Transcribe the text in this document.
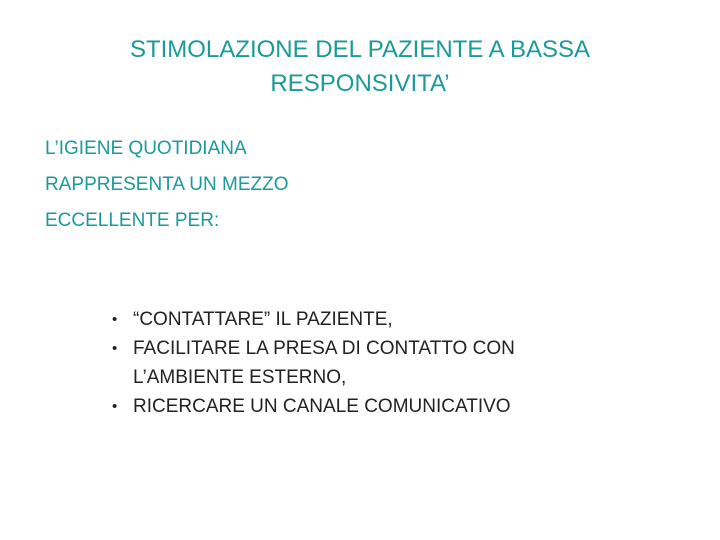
STIMOLAZIONE DEL PAZIENTE A BASSA
RESPONSIVITA’

L’IGIENE QUOTIDIANA
RAPPRESENTA UN MEZZO
ECCELLENTE PER:

• “CONTATTARE” IL PAZIENTE,
• FACILITARE LA PRESA DI CONTATTO CON
L’AMBIENTE ESTERNO,
• RICERCARE UN CANALE COMUNICATIVO
